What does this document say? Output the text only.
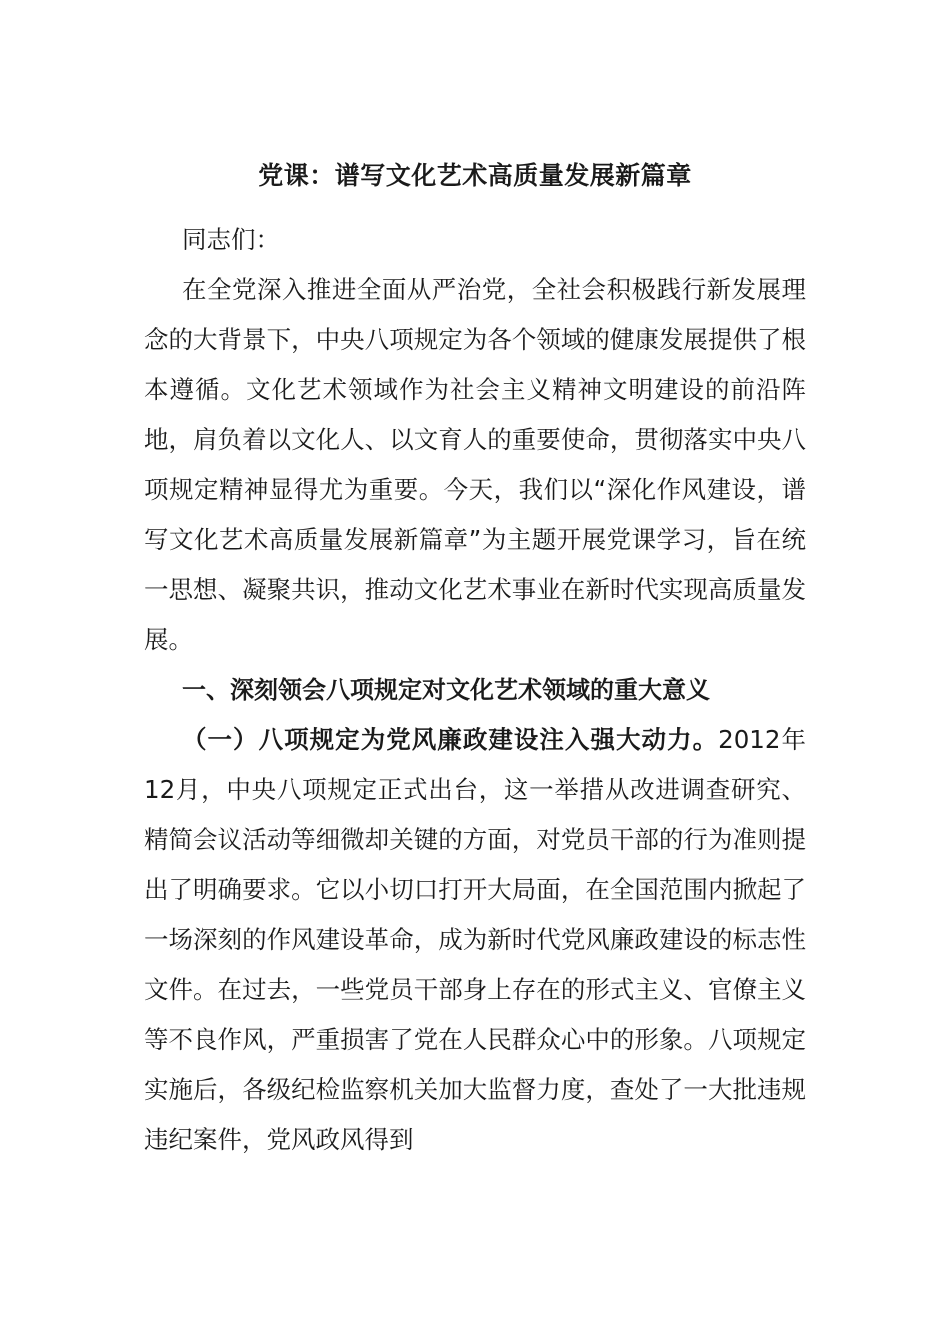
党课：谱写文化艺术高质量发展新篇章

同志们：

在全党深入推进全面从严治党，全社会积极践行新发展理念的大背景下，中央八项规定为各个领域的健康发展提供了根本遵循。文化艺术领域作为社会主义精神文明建设的前沿阵地，肩负着以文化人、以文育人的重要使命，贯彻落实中央八项规定精神显得尤为重要。今天，我们以“深化作风建设，谱写文化艺术高质量发展新篇章”为主题开展党课学习，旨在统一思想、凝聚共识，推动文化艺术事业在新时代实现高质量发展。

一、深刻领会八项规定对文化艺术领域的重大意义

（一）八项规定为党风廉政建设注入强大动力。2012年12月，中央八项规定正式出台，这一举措从改进调查研究、精简会议活动等细微却关键的方面，对党员干部的行为准则提出了明确要求。它以小切口打开大局面，在全国范围内掀起了一场深刻的作风建设革命，成为新时代党风廉政建设的标志性文件。在过去，一些党员干部身上存在的形式主义、官僚主义等不良作风，严重损害了党在人民群众心中的形象。八项规定实施后，各级纪检监察机关加大监督力度，查处了一大批违规违纪案件，党风政风得到
